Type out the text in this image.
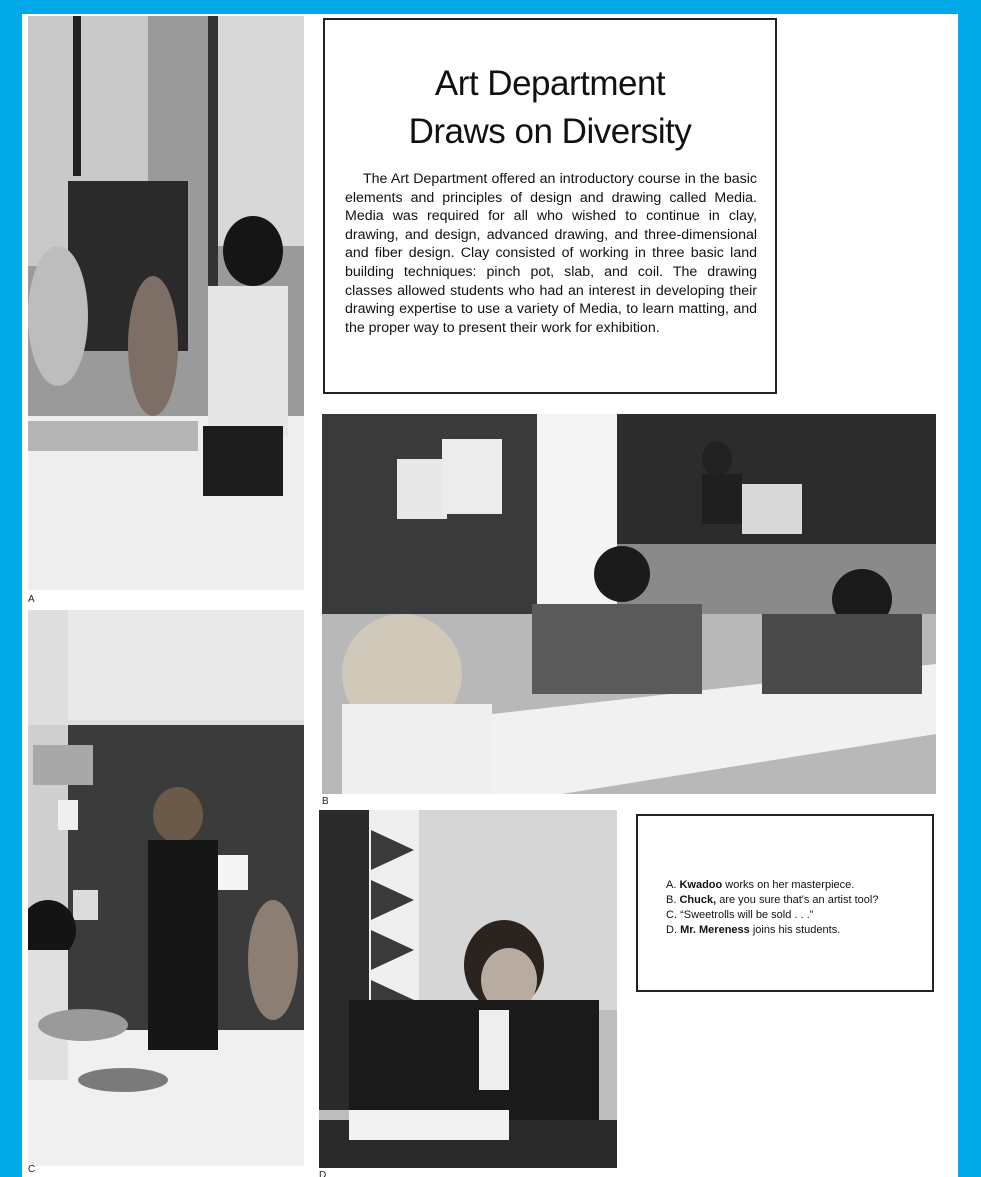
A
Art Department
Draws on Diversity

The Art Department offered an introductory course in the basic elements and principles of design and drawing called Media. Media was required for all who wished to continue in clay, drawing, and design, advanced drawing, and three-dimensional and fiber design. Clay consisted of working in three basic land building techniques: pinch pot, slab, and coil. The drawing classes allowed students who had an interest in developing their drawing expertise to use a variety of Media, to learn matting, and the proper way to present their work for exhibition.

B
C
D
A. Kwadoo works on her masterpiece.
B. Chuck, are you sure that's an artist tool?
C. “Sweetrolls will be sold . . .”
D. Mr. Mereness joins his students.
